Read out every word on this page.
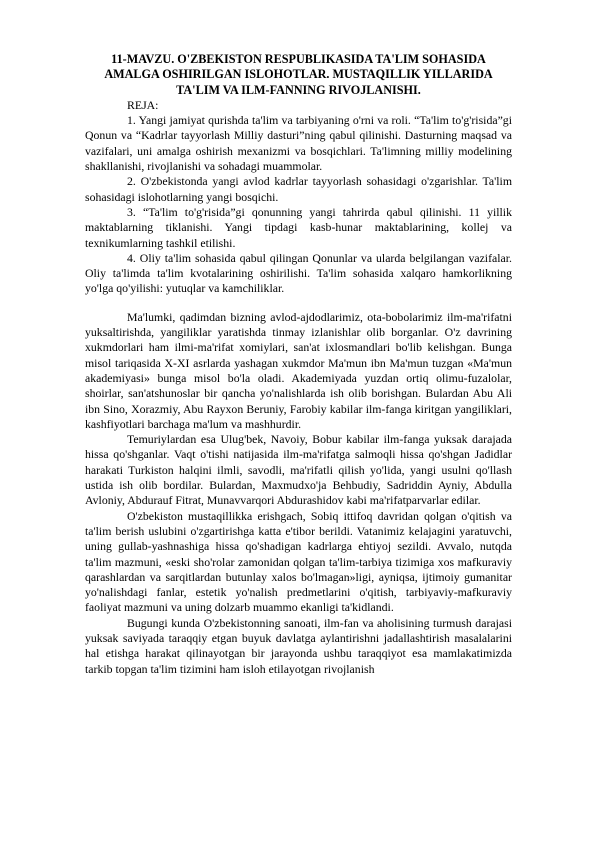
11-MAVZU. O'ZBEKISTON RESPUBLIKASIDA TA'LIM SOHASIDA
AMALGA OSHIRILGAN ISLOHOTLAR. MUSTAQILLIK YILLARIDA
TA'LIM VA ILM-FANNING RIVOJLANISHI.

REJA:

1. Yangi jamiyat qurishda ta'lim va tarbiyaning o'rni va roli. “Ta'lim to'g'risida”gi Qonun va “Kadrlar tayyorlash Milliy dasturi”ning qabul qilinishi. Dasturning maqsad va vazifalari, uni amalga oshirish mexanizmi va bosqichlari. Ta'limning milliy modelining shakllanishi, rivojlanishi va sohadagi muammolar.

2. O'zbekistonda yangi avlod kadrlar tayyorlash sohasidagi o'zgarishlar. Ta'lim sohasidagi islohotlarning yangi bosqichi.

3. “Ta'lim to'g'risida”gi qonunning yangi tahrirda qabul qilinishi. 11 yillik maktablarning tiklanishi. Yangi tipdagi kasb-hunar maktablarining, kollej va texnikumlarning tashkil etilishi.

4. Oliy ta'lim sohasida qabul qilingan Qonunlar va ularda belgilangan vazifalar. Oliy ta'limda ta'lim kvotalarining oshirilishi. Ta'lim sohasida xalqaro hamkorlikning yo'lga qo'yilishi: yutuqlar va kamchiliklar.

Ma'lumki, qadimdan bizning avlod-ajdodlarimiz, ota-bobolarimiz ilm-ma'rifatni yuksaltirishda, yangiliklar yaratishda tinmay izlanishlar olib borganlar. O'z davrining xukmdorlari ham ilmi-ma'rifat xomiylari, san'at ixlosmandlari bo'lib kelishgan. Bunga misol tariqasida X-XI asrlarda yashagan xukmdor Ma'mun ibn Ma'mun tuzgan «Ma'mun akademiyasi» bunga misol bo'la oladi. Akademiyada yuzdan ortiq olimu-fuzalolar, shoirlar, san'atshunoslar bir qancha yo'nalishlarda ish olib borishgan. Bulardan Abu Ali ibn Sino, Xorazmiy, Abu Rayxon Beruniy, Farobiy kabilar ilm-fanga kiritgan yangiliklari, kashfiyotlari barchaga ma'lum va mashhurdir.

Temuriylardan esa Ulug'bek, Navoiy, Bobur kabilar ilm-fanga yuksak darajada hissa qo'shganlar. Vaqt o'tishi natijasida ilm-ma'rifatga salmoqli hissa qo'shgan Jadidlar harakati Turkiston halqini ilmli, savodli, ma'rifatli qilish yo'lida, yangi usulni qo'llash ustida ish olib bordilar. Bulardan, Maxmudxo'ja Behbudiy, Sadriddin Ayniy, Abdulla Avloniy, Abdurauf Fitrat, Munavvarqori Abdurashidov kabi ma'rifatparvarlar edilar.

O'zbekiston mustaqillikka erishgach, Sobiq ittifoq davridan qolgan o'qitish va ta'lim berish uslubini o'zgartirishga katta e'tibor berildi. Vatanimiz kelajagini yaratuvchi, uning gullab-yashnashiga hissa qo'shadigan kadrlarga ehtiyoj sezildi. Avvalo, nutqda ta'lim mazmuni, «eski sho'rolar zamonidan qolgan ta'lim-tarbiya tizimiga xos mafkuraviy qarashlardan va sarqitlardan butunlay xalos bo'lmagan»ligi, ayniqsa, ijtimoiy gumanitar yo'nalishdagi fanlar, estetik yo'nalish predmetlarini o'qitish, tarbiyaviy-mafkuraviy faoliyat mazmuni va uning dolzarb muammo ekanligi ta'kidlandi.

Bugungi kunda O'zbekistonning sanoati, ilm-fan va aholisining turmush darajasi yuksak saviyada taraqqiy etgan buyuk davlatga aylantirishni jadallashtirish masalalarini hal etishga harakat qilinayotgan bir jarayonda ushbu taraqqiyot esa mamlakatimizda tarkib topgan ta'lim tizimini ham isloh etilayotgan rivojlanish
